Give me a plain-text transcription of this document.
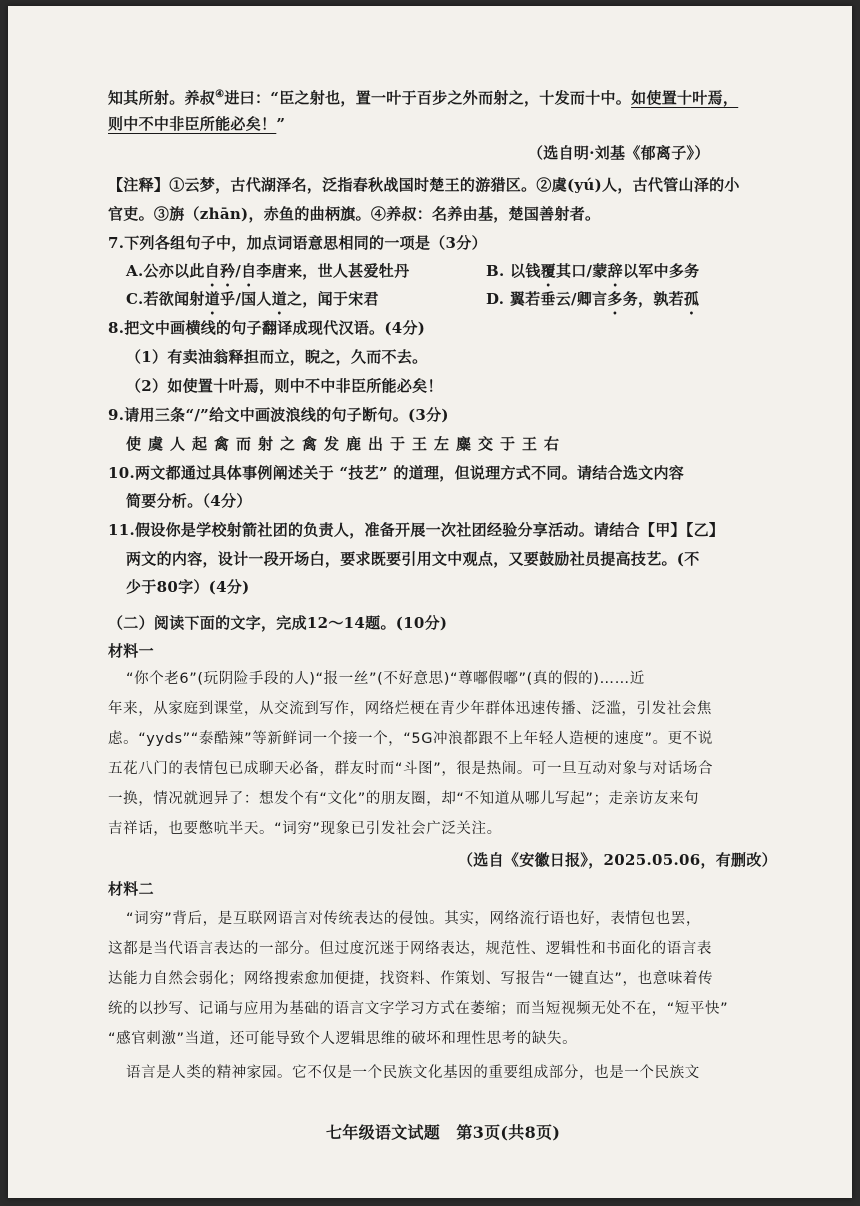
知其所射。养叔④进曰：“臣之射也，置一叶于百步之外而射之，十发而十中。如使置十叶焉，
则中不中非臣所能必矣！”
（选自明·刘基《郁离子》）
【注释】①云梦，古代湖泽名，泛指春秋战国时楚王的游猎区。②虞(yú)人，古代管山泽的小
官吏。③旃（zhān)，赤鱼的曲柄旗。④养叔：名养由基，楚国善射者。
7.下列各组句子中，加点词语意思相同的一项是（3分）
A.公亦以此自矜/自李唐来，世人甚爱牡丹	B. 以钱覆其口/蒙辞以军中多务
C.若欲闻射道乎/国人道之，闻于宋君	D. 翼若垂云/卿言多务，孰若孤
8.把文中画横线的句子翻译成现代汉语。(4分)
（1）有卖油翁释担而立，睨之，久而不去。
（2）如使置十叶焉，则中不中非臣所能必矣！
9.请用三条“/”给文中画波浪线的句子断句。(3分)
使虞人起禽而射之禽发鹿出于王左麋交于王右
10.两文都通过具体事例阐述关于 “技艺” 的道理，但说理方式不同。请结合选文内容
简要分析。（4分）
11.假设你是学校射箭社团的负责人，准备开展一次社团经验分享活动。请结合【甲】【乙】
两文的内容，设计一段开场白，要求既要引用文中观点，又要鼓励社员提高技艺。(不
少于80字）(4分)
（二）阅读下面的文字，完成12～14题。(10分)
材料一
“你个老6”(玩阴险手段的人)“报一丝”(不好意思)“尊嘟假嘟”(真的假的)……近
年来，从家庭到课堂，从交流到写作，网络烂梗在青少年群体迅速传播、泛滥，引发社会焦
虑。“yyds”“泰酷辣”等新鲜词一个接一个，“5G冲浪都跟不上年轻人造梗的速度”。更不说
五花八门的表情包已成聊天必备，群友时而“斗图”，很是热闹。可一旦互动对象与对话场合
一换，情况就迥异了：想发个有“文化”的朋友圈，却“不知道从哪儿写起”；走亲访友来句
吉祥话，也要憋吭半天。“词穷”现象已引发社会广泛关注。
（选自《安徽日报》，2025.05.06，有删改）
材料二
“词穷”背后，是互联网语言对传统表达的侵蚀。其实，网络流行语也好，表情包也罢，
这都是当代语言表达的一部分。但过度沉迷于网络表达，规范性、逻辑性和书面化的语言表
达能力自然会弱化；网络搜索愈加便捷，找资料、作策划、写报告“一键直达”，也意味着传
统的以抄写、记诵与应用为基础的语言文字学习方式在萎缩；而当短视频无处不在，“短平快”
“感官刺激”当道，还可能导致个人逻辑思维的破坏和理性思考的缺失。
语言是人类的精神家园。它不仅是一个民族文化基因的重要组成部分，也是一个民族文
七年级语文试题　第3页(共8页)
